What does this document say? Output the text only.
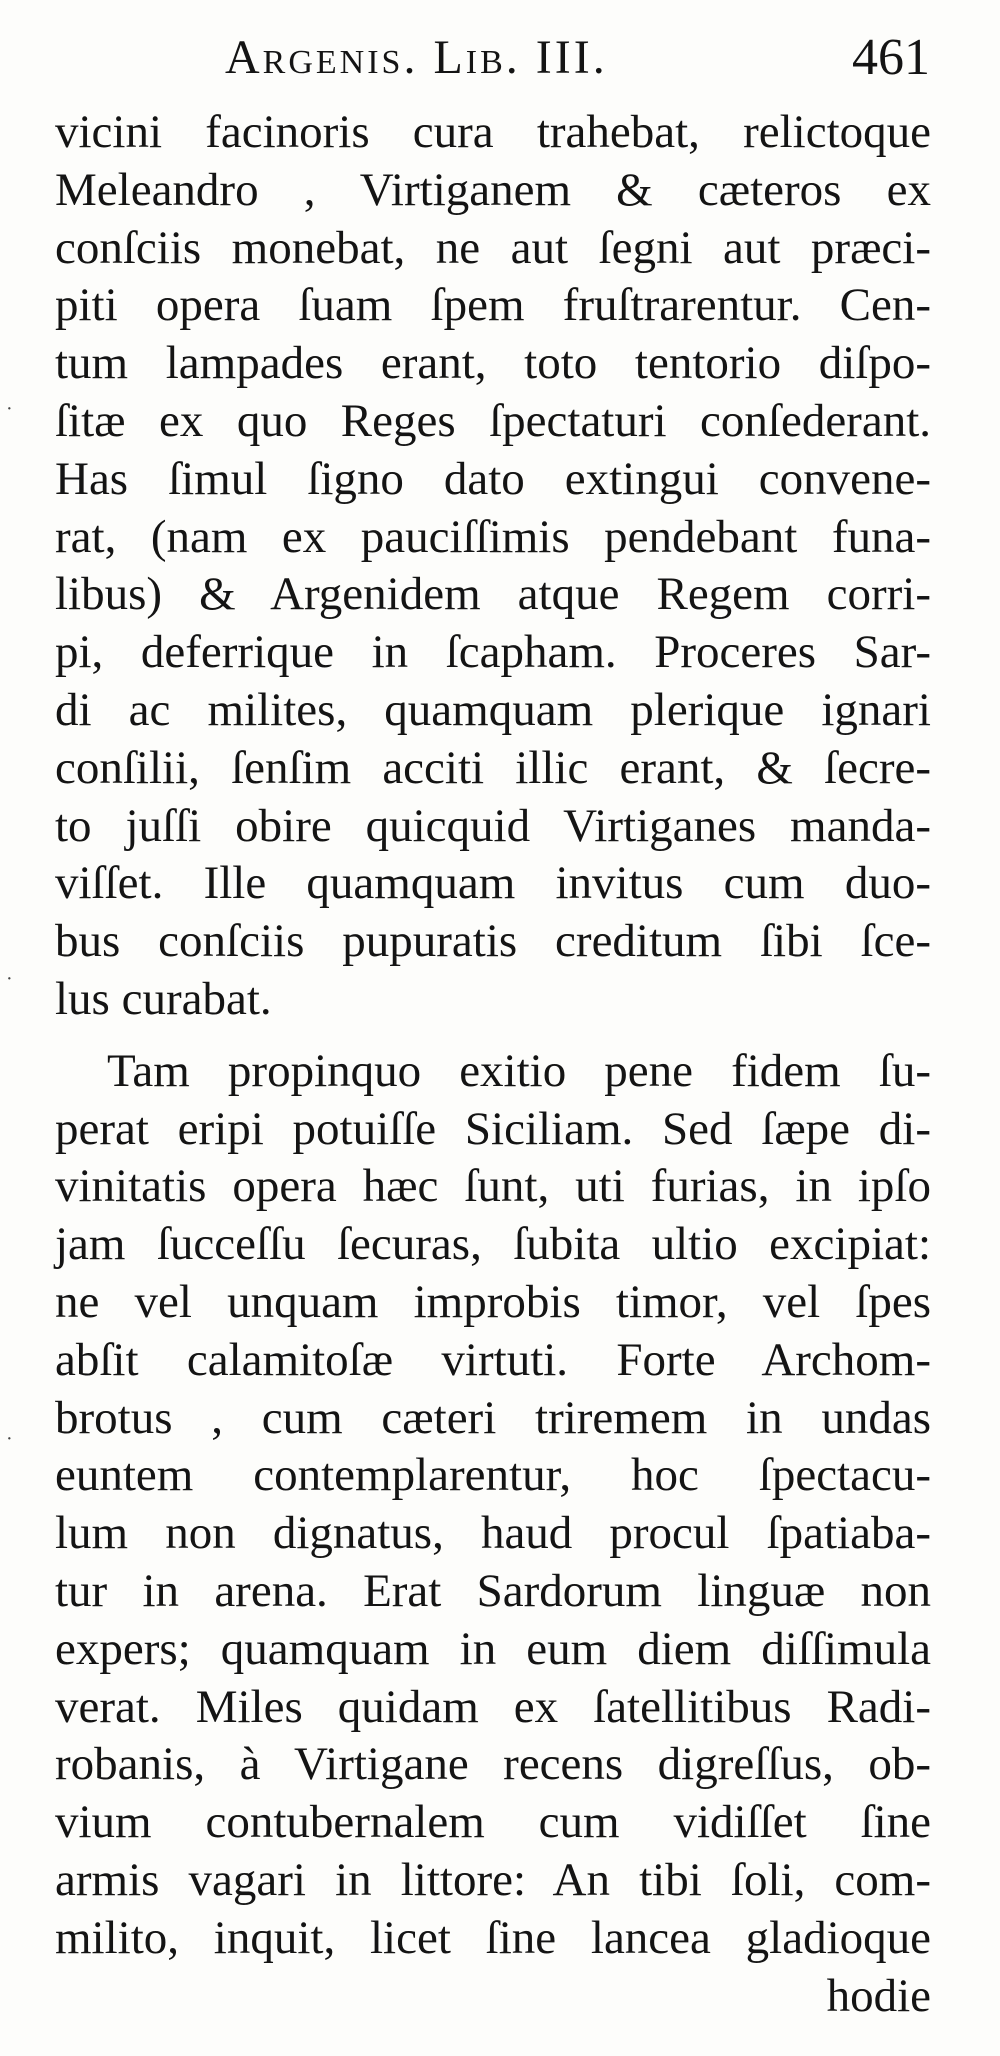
Argenis. Lib. III.	461
vicini facinoris cura trahebat, relictoque
Meleandro , Virtiganem & cæteros ex
conſciis monebat, ne aut ſegni aut præci-
piti opera ſuam ſpem fruſtrarentur. Cen-
tum lampades erant, toto tentorio diſpo-
ſitæ ex quo Reges ſpectaturi conſederant.
Has ſimul ſigno dato extingui convene-
rat, (nam ex pauciſſimis pendebant funa-
libus) & Argenidem atque Regem corri-
pi, deferrique in ſcapham. Proceres Sar-
di ac milites, quamquam plerique ignari
conſilii, ſenſim acciti illic erant, & ſecre-
to juſſi obire quicquid Virtiganes manda-
viſſet. Ille quamquam invitus cum duo-
bus conſciis pupuratis creditum ſibi ſce-
lus curabat.
Tam propinquo exitio pene fidem ſu-
perat eripi potuiſſe Siciliam. Sed ſæpe di-
vinitatis opera hæc ſunt, uti furias, in ipſo
jam ſucceſſu ſecuras, ſubita ultio excipiat:
ne vel unquam improbis timor, vel ſpes
abſit calamitoſæ virtuti. Forte Archom-
brotus , cum cæteri triremem in undas
euntem contemplarentur, hoc ſpectacu-
lum non dignatus, haud procul ſpatiaba-
tur in arena. Erat Sardorum linguæ non
expers; quamquam in eum diem diſſimula
verat. Miles quidam ex ſatellitibus Radi-
robanis, à Virtigane recens digreſſus, ob-
vium contubernalem cum vidiſſet ſine
armis vagari in littore: An tibi ſoli, com-
milito, inquit, licet ſine lancea gladioque
hodie
·
·
·
